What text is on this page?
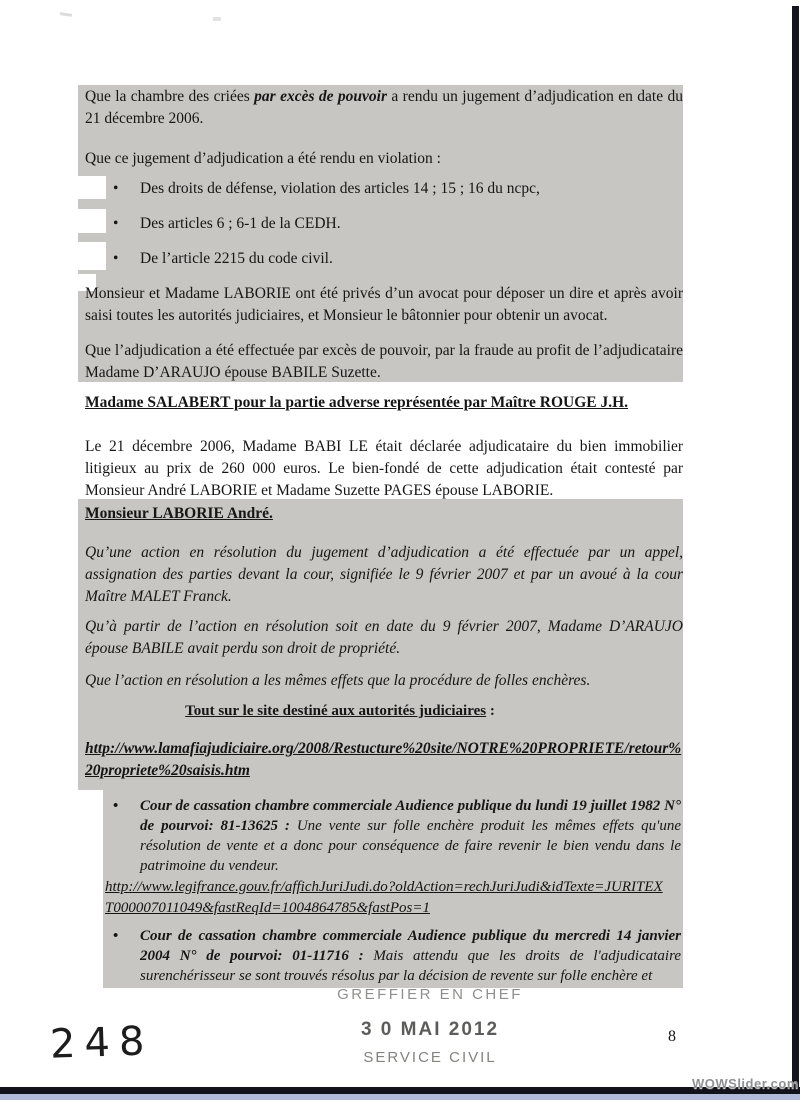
Que la chambre des criées par excès de pouvoir a rendu un jugement d’adjudication en date du 21 décembre 2006.
Que ce jugement d’adjudication a été rendu en violation :
•	Des droits de défense, violation des articles 14 ; 15 ; 16 du ncpc,
•	Des articles 6 ; 6-1 de la CEDH.
•	De l’article 2215 du code civil.
Monsieur et Madame LABORIE ont été privés d’un avocat pour déposer un dire et après avoir saisi toutes les autorités judiciaires, et Monsieur le bâtonnier pour obtenir un avocat.
Que l’adjudication a été effectuée par excès de pouvoir, par la fraude au profit de l’adjudicataire Madame D’ARAUJO épouse BABILE Suzette.
Madame SALABERT pour la partie adverse représentée par Maître ROUGE J.H.
Le 21 décembre 2006, Madame BABI LE était déclarée adjudicataire du bien immobilier litigieux au prix de 260 000 euros. Le bien-fondé de cette adjudication était contesté par Monsieur André LABORIE et Madame Suzette PAGES épouse LABORIE.
Monsieur LABORIE André.
Qu’une action en résolution du jugement d’adjudication a été effectuée par un appel, assignation des parties devant la cour, signifiée le 9 février 2007 et par un avoué à la cour Maître MALET Franck.
Qu’à partir de l’action en résolution soit en date du 9 février 2007, Madame D’ARAUJO épouse BABILE avait perdu son droit de propriété.
Que l’action en résolution a les mêmes effets que la procédure de folles enchères.
Tout sur le site destiné aux autorités judiciaires :
http://www.lamafiajudiciaire.org/2008/Restucture%20site/NOTRE%20PROPRIETE/retour%20propriete%20saisis.htm
•	Cour de cassation chambre commerciale Audience publique du lundi 19 juillet 1982 N° de pourvoi: 81-13625 : Une vente sur folle enchère produit les mêmes effets qu'une résolution de vente et a donc pour conséquence de faire revenir le bien vendu dans le patrimoine du vendeur.
http://www.legifrance.gouv.fr/affichJuriJudi.do?oldAction=rechJuriJudi&idTexte=JURITEXT000007011049&fastReqId=1004864785&fastPos=1
•	Cour de cassation chambre commerciale Audience publique du mercredi 14 janvier 2004 N° de pourvoi: 01-11716 : Mais attendu que les droits de l'adjudicataire surenchérisseur se sont trouvés résolus par la décision de revente sur folle enchère et
GREFFIER EN CHEF
3 0 MAI 2012
SERVICE CIVIL
248	8
WOWSlider.com
